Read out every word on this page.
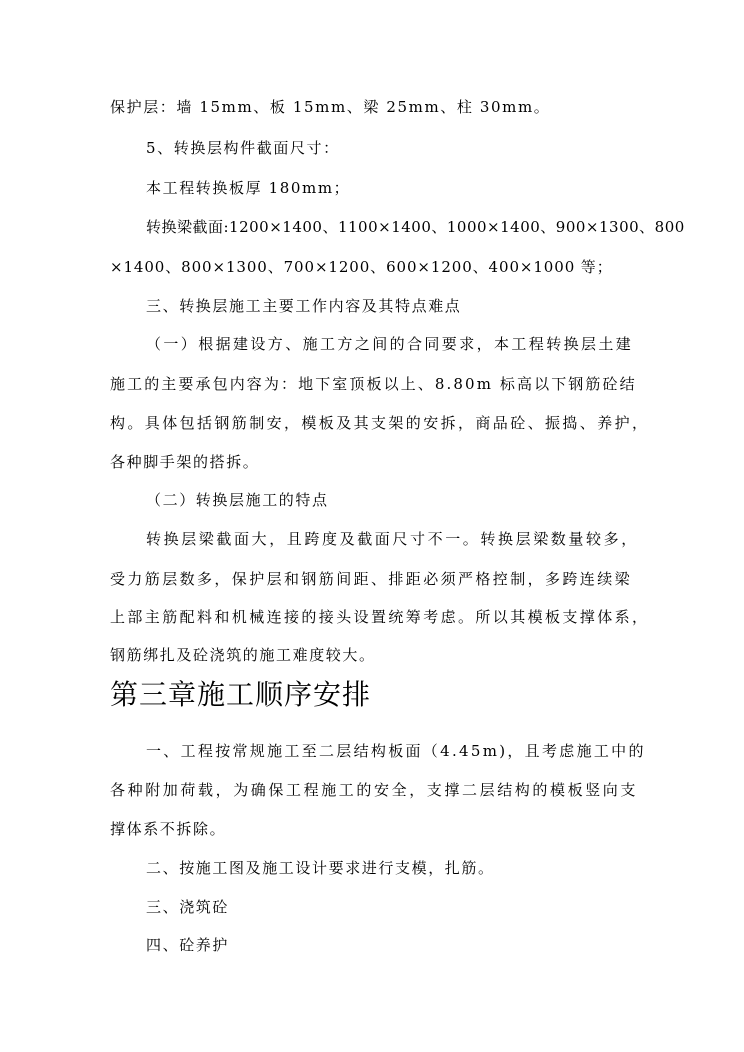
保护层：墙 15mm、板 15mm、梁 25mm、柱 30mm。
5、转换层构件截面尺寸：
本工程转换板厚 180mm；
转换梁截面:1200×1400、1100×1400、1000×1400、900×1300、800
×1400、800×1300、700×1200、600×1200、400×1000 等；
三、转换层施工主要工作内容及其特点难点
（一）根据建设方、施工方之间的合同要求，本工程转换层土建
施工的主要承包内容为：地下室顶板以上、8.80m 标高以下钢筋砼结
构。具体包括钢筋制安，模板及其支架的安拆，商品砼、振捣、养护，
各种脚手架的搭拆。
（二）转换层施工的特点
转换层梁截面大，且跨度及截面尺寸不一。转换层梁数量较多，
受力筋层数多，保护层和钢筋间距、排距必须严格控制，多跨连续梁
上部主筋配料和机械连接的接头设置统筹考虑。所以其模板支撑体系，
钢筋绑扎及砼浇筑的施工难度较大。
第三章施工顺序安排
一、工程按常规施工至二层结构板面（4.45m)，且考虑施工中的
各种附加荷载，为确保工程施工的安全，支撑二层结构的模板竖向支
撑体系不拆除。
二、按施工图及施工设计要求进行支模，扎筋。
三、浇筑砼
四、砼养护
